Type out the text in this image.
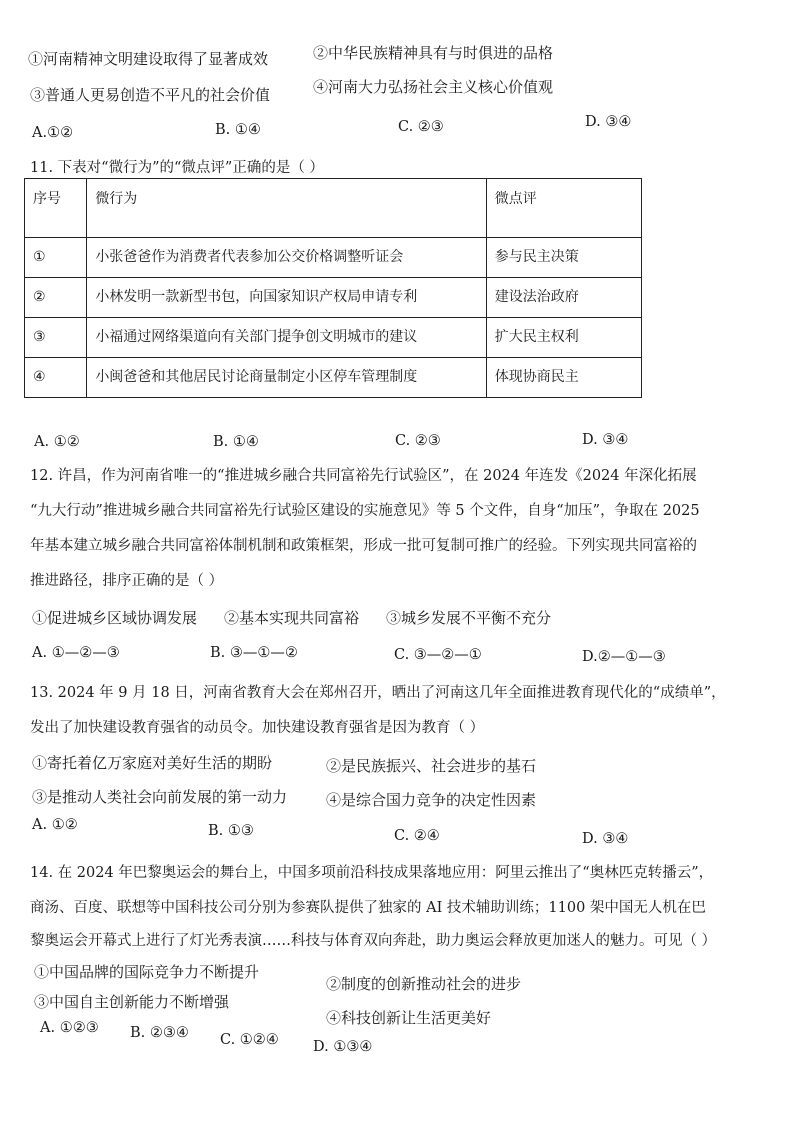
①河南精神文明建设取得了显著成效	②中华民族精神具有与时俱进的品格
③普通人更易创造不平凡的社会价值	④河南大力弘扬社会主义核心价值观
A.①②	B. ①④	C. ②③	D. ③④
11. 下表对“微行为”的“微点评”正确的是（ ）
序号	微行为	微点评
①	小张爸爸作为消费者代表参加公交价格调整听证会	参与民主决策
②	小林发明一款新型书包，向国家知识产权局申请专利	建设法治政府
③	小福通过网络渠道向有关部门提争创文明城市的建议	扩大民主权利
④	小闽爸爸和其他居民讨论商量制定小区停车管理制度	体现协商民主
A. ①②	B. ①④	C. ②③	D. ③④
12. 许昌，作为河南省唯一的“推进城乡融合共同富裕先行试验区”，在 2024 年连发《2024 年深化拓展
“九大行动”推进城乡融合共同富裕先行试验区建设的实施意见》等 5 个文件，自身“加压”，争取在 2025
年基本建立城乡融合共同富裕体制机制和政策框架，形成一批可复制可推广的经验。下列实现共同富裕的
推进路径，排序正确的是（ ）
①促进城乡区域协调发展 ②基本实现共同富裕 ③城乡发展不平衡不充分
A. ①—②—③	B. ③—①—②	C. ③—②—①	D.②—①—③
13. 2024 年 9 月 18 日，河南省教育大会在郑州召开，晒出了河南这几年全面推进教育现代化的“成绩单”，
发出了加快建设教育强省的动员令。加快建设教育强省是因为教育（ ）
①寄托着亿万家庭对美好生活的期盼	②是民族振兴、社会进步的基石
③是推动人类社会向前发展的第一动力	④是综合国力竞争的决定性因素
A. ①②	B. ①③	C. ②④	D. ③④
14. 在 2024 年巴黎奥运会的舞台上，中国多项前沿科技成果落地应用：阿里云推出了“奥林匹克转播云”，
商汤、百度、联想等中国科技公司分别为参赛队提供了独家的 AI 技术辅助训练；1100 架中国无人机在巴
黎奥运会开幕式上进行了灯光秀表演……科技与体育双向奔赴，助力奥运会释放更加迷人的魅力。可见（ ）
①中国品牌的国际竞争力不断提升
②制度的创新推动社会的进步
③中国自主创新能力不断增强
④科技创新让生活更美好
A. ①②③ B. ②③④ C. ①②④ D. ①③④
